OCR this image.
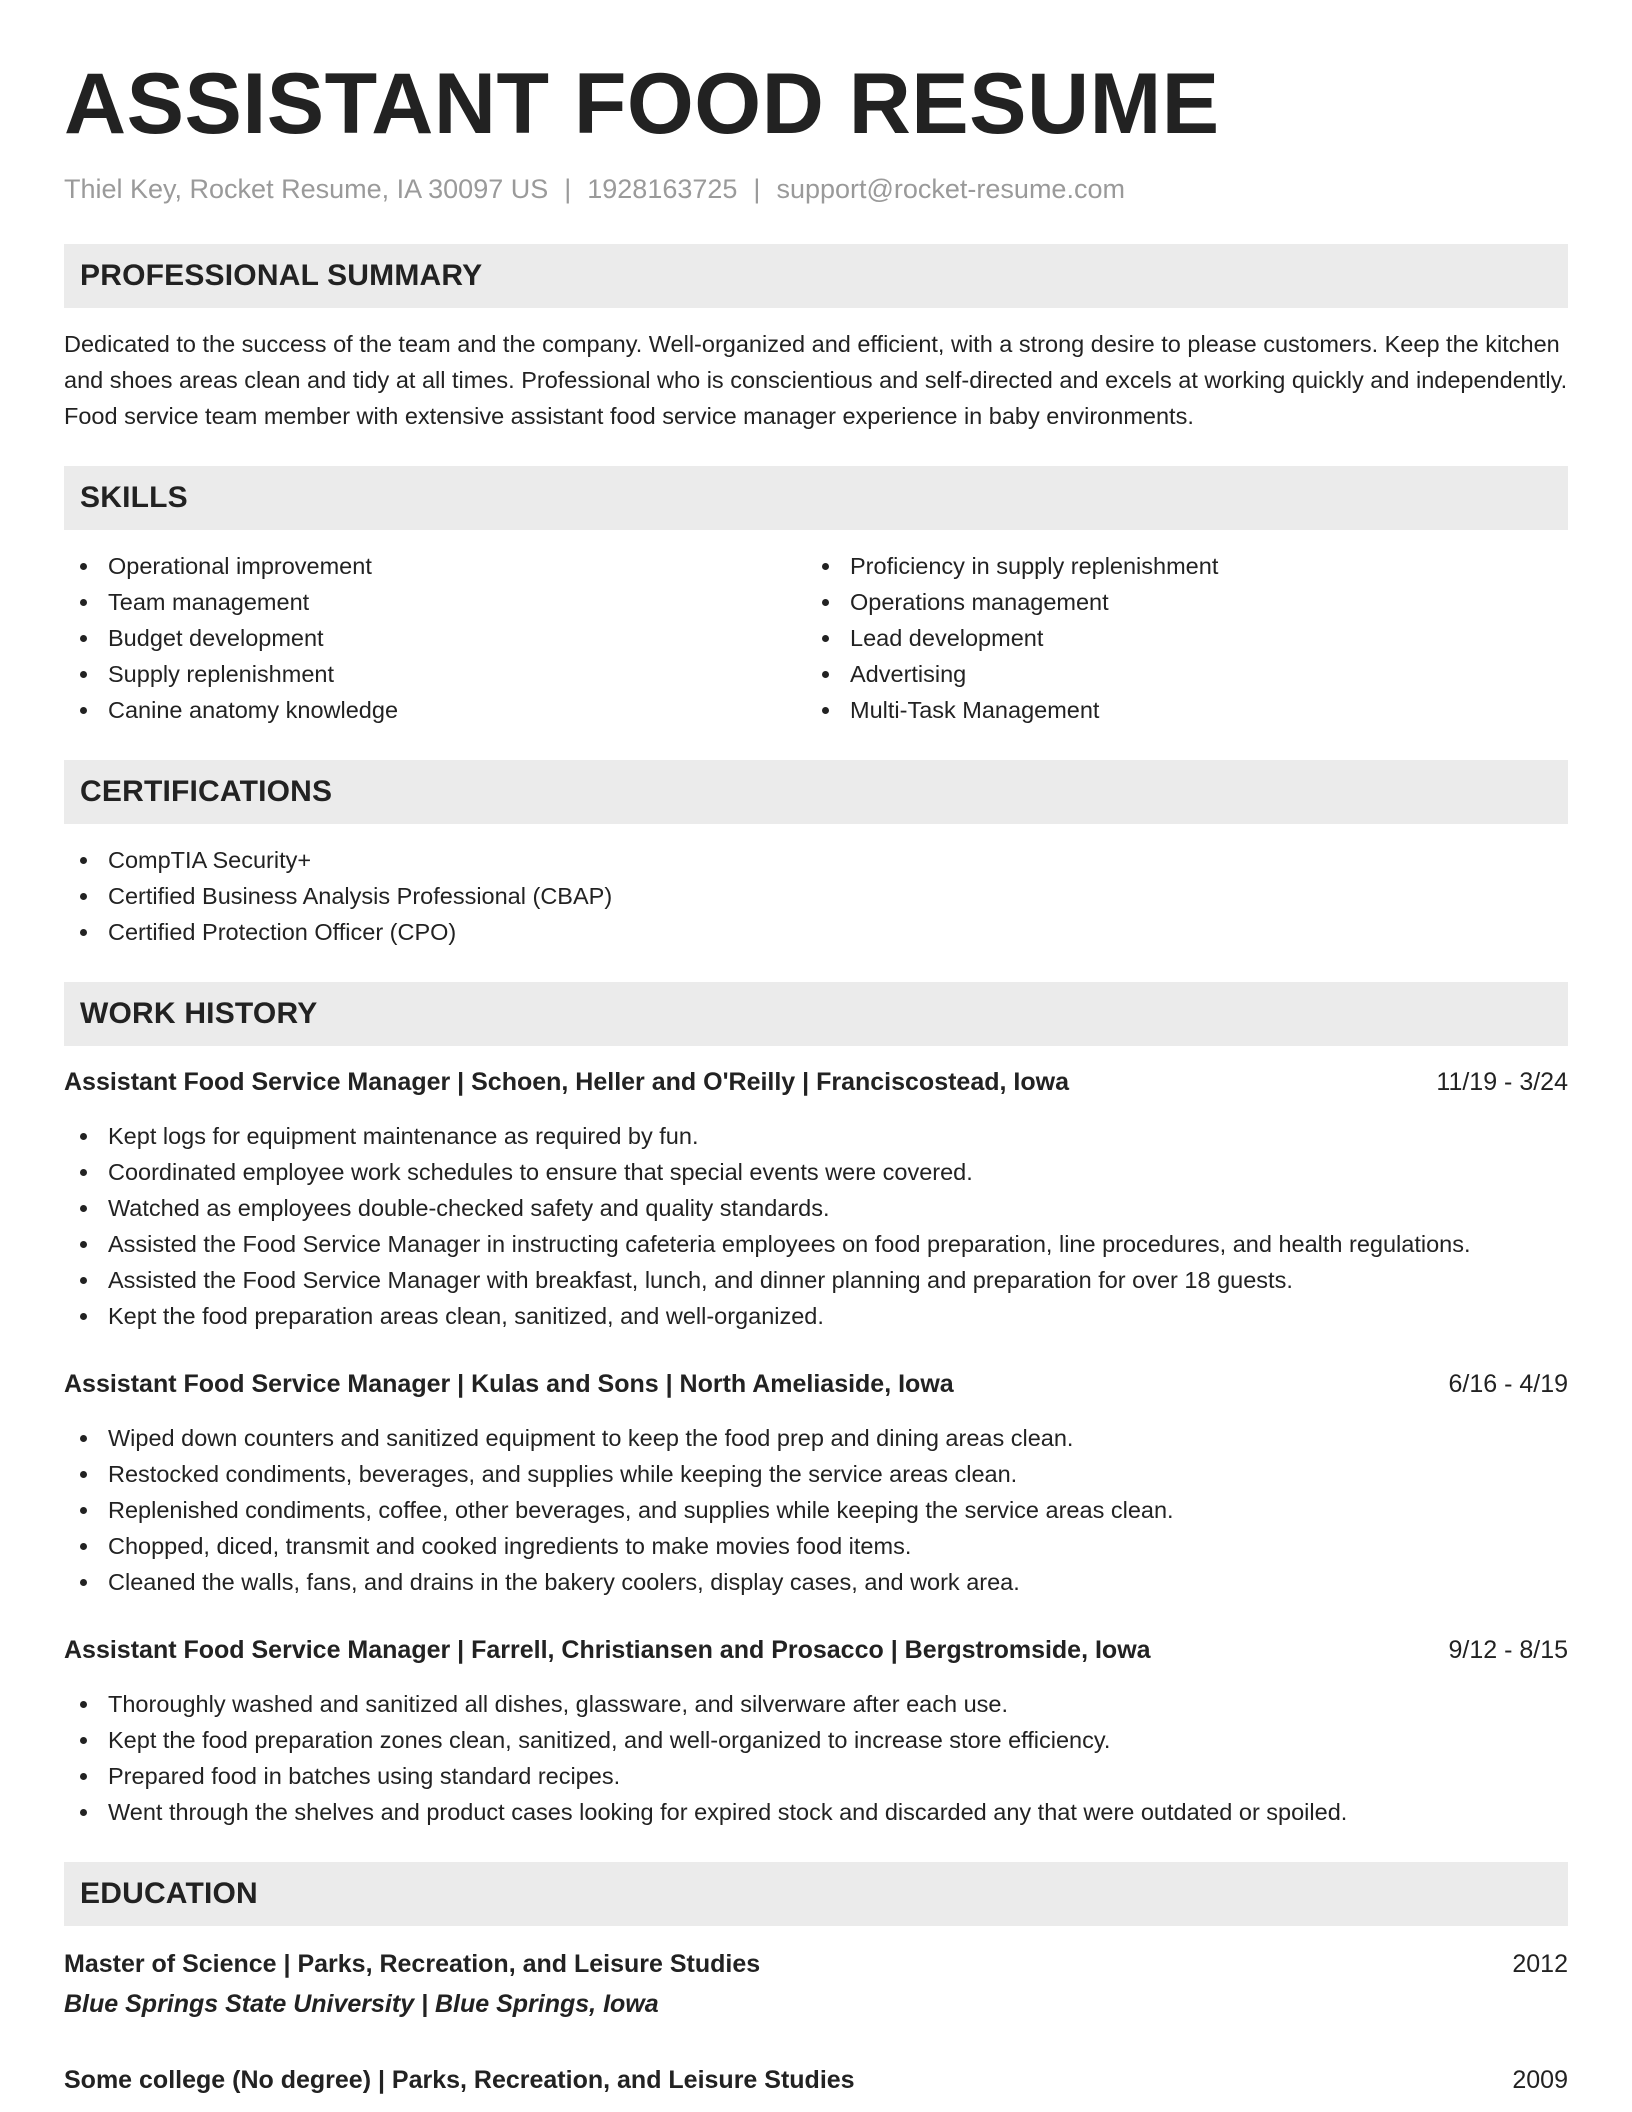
ASSISTANT FOOD RESUME
Thiel Key, Rocket Resume, IA 30097 US | 1928163725 | support@rocket-resume.com
PROFESSIONAL SUMMARY

Dedicated to the success of the team and the company. Well-organized and efficient, with a strong desire to please customers. Keep the kitchen and shoes areas clean and tidy at all times. Professional who is conscientious and self-directed and excels at working quickly and independently. Food service team member with extensive assistant food service manager experience in baby environments.

SKILLS
Operational improvement
Team management
Budget development
Supply replenishment
Canine anatomy knowledge
Proficiency in supply replenishment
Operations management
Lead development
Advertising
Multi-Task Management
CERTIFICATIONS
CompTIA Security+
Certified Business Analysis Professional (CBAP)
Certified Protection Officer (CPO)
WORK HISTORY
Assistant Food Service Manager | Schoen, Heller and O'Reilly | Franciscostead, Iowa	11/19 - 3/24
Kept logs for equipment maintenance as required by fun.
Coordinated employee work schedules to ensure that special events were covered.
Watched as employees double-checked safety and quality standards.
Assisted the Food Service Manager in instructing cafeteria employees on food preparation, line procedures, and health regulations.
Assisted the Food Service Manager with breakfast, lunch, and dinner planning and preparation for over 18 guests.
Kept the food preparation areas clean, sanitized, and well-organized.
Assistant Food Service Manager | Kulas and Sons | North Ameliaside, Iowa	6/16 - 4/19
Wiped down counters and sanitized equipment to keep the food prep and dining areas clean.
Restocked condiments, beverages, and supplies while keeping the service areas clean.
Replenished condiments, coffee, other beverages, and supplies while keeping the service areas clean.
Chopped, diced, transmit and cooked ingredients to make movies food items.
Cleaned the walls, fans, and drains in the bakery coolers, display cases, and work area.
Assistant Food Service Manager | Farrell, Christiansen and Prosacco | Bergstromside, Iowa	9/12 - 8/15
Thoroughly washed and sanitized all dishes, glassware, and silverware after each use.
Kept the food preparation zones clean, sanitized, and well-organized to increase store efficiency.
Prepared food in batches using standard recipes.
Went through the shelves and product cases looking for expired stock and discarded any that were outdated or spoiled.
EDUCATION
Master of Science | Parks, Recreation, and Leisure Studies	2012
Blue Springs State University | Blue Springs, Iowa
Some college (No degree) | Parks, Recreation, and Leisure Studies	2009
